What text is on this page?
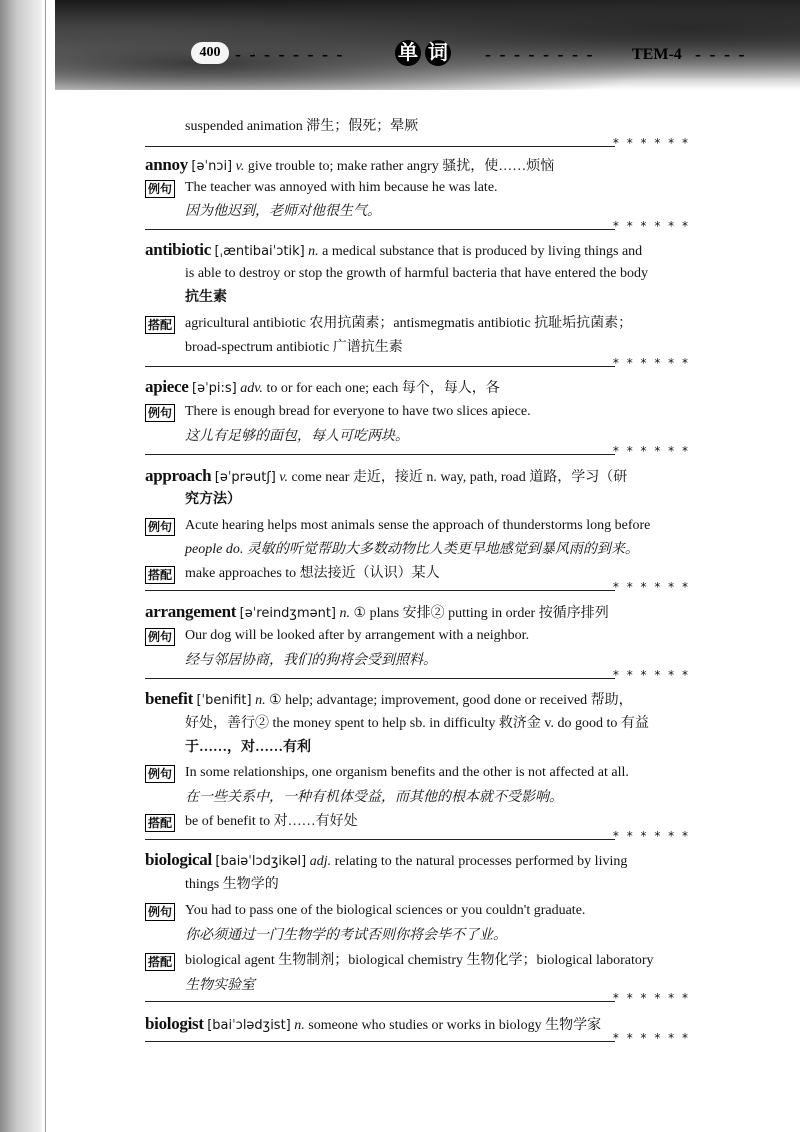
400 - - - - - - - -	单 词 - - - - - - - - TEM-4 - - - -
suspended animation 滞生；假死；晕厥
* * * * * *
annoy [əˈnɔi] v. give trouble to; make rather angry 骚扰，使……烦恼
例句 The teacher was annoyed with him because he was late.
因为他迟到，老师对他很生气。
* * * * * *
antibiotic [ˌæntibaiˈɔtik] n. a medical substance that is produced by living things and
is able to destroy or stop the growth of harmful bacteria that have entered the body
抗生素
搭配 agricultural antibiotic 农用抗菌素；antismegmatis antibiotic 抗耻垢抗菌素；
broad-spectrum antibiotic 广谱抗生素
* * * * * *
apiece [əˈpi:s] adv. to or for each one; each 每个，每人，各
例句 There is enough bread for everyone to have two slices apiece.
这儿有足够的面包，每人可吃两块。
* * * * * *
approach [əˈprəutʃ] v. come near 走近，接近 n. way, path, road 道路，学习（研
究方法）
例句 Acute hearing helps most animals sense the approach of thunderstorms long before
people do. 灵敏的听觉帮助大多数动物比人类更早地感觉到暴风雨的到来。
搭配 make approaches to 想法接近（认识）某人
* * * * * *
arrangement [əˈreindʒmənt] n. ① plans 安排② putting in order 按循序排列
例句 Our dog will be looked after by arrangement with a neighbor.
经与邻居协商，我们的狗将会受到照料。
* * * * * *
benefit [ˈbenifit] n. ① help; advantage; improvement, good done or received 帮助，
好处，善行② the money spent to help sb. in difficulty 救济金 v. do good to 有益
于……，对……有利
例句 In some relationships, one organism benefits and the other is not affected at all.
在一些关系中，一种有机体受益，而其他的根本就不受影响。
搭配 be of benefit to 对……有好处
* * * * * *
biological [baiəˈlɔdʒikəl] adj. relating to the natural processes performed by living
things 生物学的
例句 You had to pass one of the biological sciences or you couldn't graduate.
你必须通过一门生物学的考试否则你将会毕不了业。
搭配 biological agent 生物制剂；biological chemistry 生物化学；biological laboratory
生物实验室
* * * * * *
biologist [baiˈɔlədʒist] n. someone who studies or works in biology 生物学家
* * * * * *
